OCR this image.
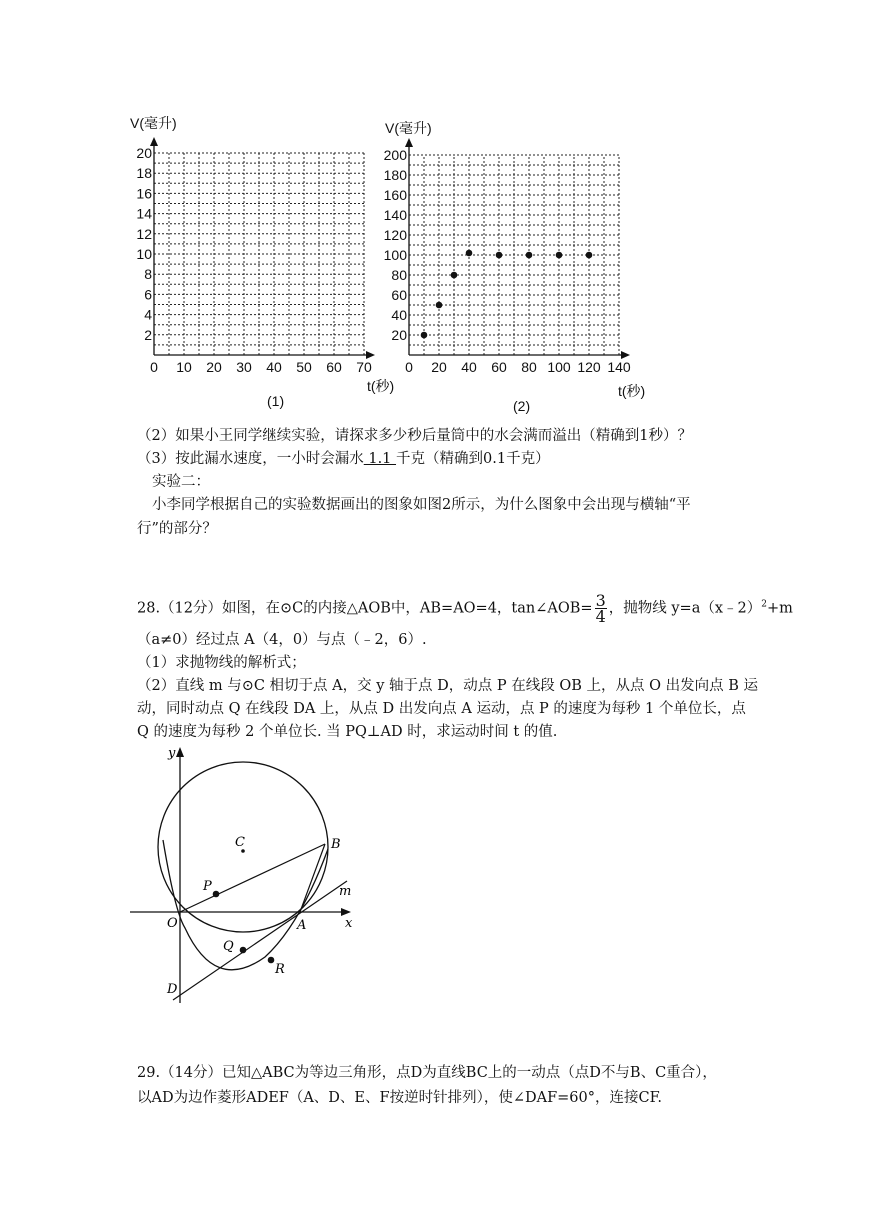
V(毫升)
0 10 20 30 40 50 60 70
2
4
6
8
10
12
14
16
18
20
t(秒)
(1)
V(毫升)
0 20 40 60 80 100 120 140
20
40
60
80
100
120
140
160
180
200
t(秒)
(2)
（2）如果小王同学继续实验，请探求多少秒后量筒中的水会满而溢出（精确到1秒）？
（3）按此漏水速度，一小时会漏水 1.1 千克（精确到0.1千克）
实验二：
小李同学根据自己的实验数据画出的图象如图2所示，为什么图象中会出现与横轴“平
行”的部分？
28.（12分）如图，在⊙C的内接△AOB中，AB=AO=4，tan∠AOB= $\frac{3}{4}$ ，抛物线 y=a（x﹣2）$^2$+m
（a≠0）经过点 A（4，0）与点（﹣2，6）.
（1）求抛物线的解析式；
（2）直线 m 与⊙C 相切于点 A，交 y 轴于点 D，动点 P 在线段 OB 上，从点 O 出发向点 B 运
动，同时动点 Q 在线段 DA 上，从点 D 出发向点 A 运动，点 P 的速度为每秒 1 个单位长，点
Q 的速度为每秒 2 个单位长. 当 PQ⊥AD 时，求运动时间 t 的值.
y
x
O	A
B
C
P
Q
R
D
m
29.（14分）已知△ABC为等边三角形，点D为直线BC上的一动点（点D不与B、C重合），
以AD为边作菱形ADEF（A、D、E、F按逆时针排列），使∠DAF=60°，连接CF.
